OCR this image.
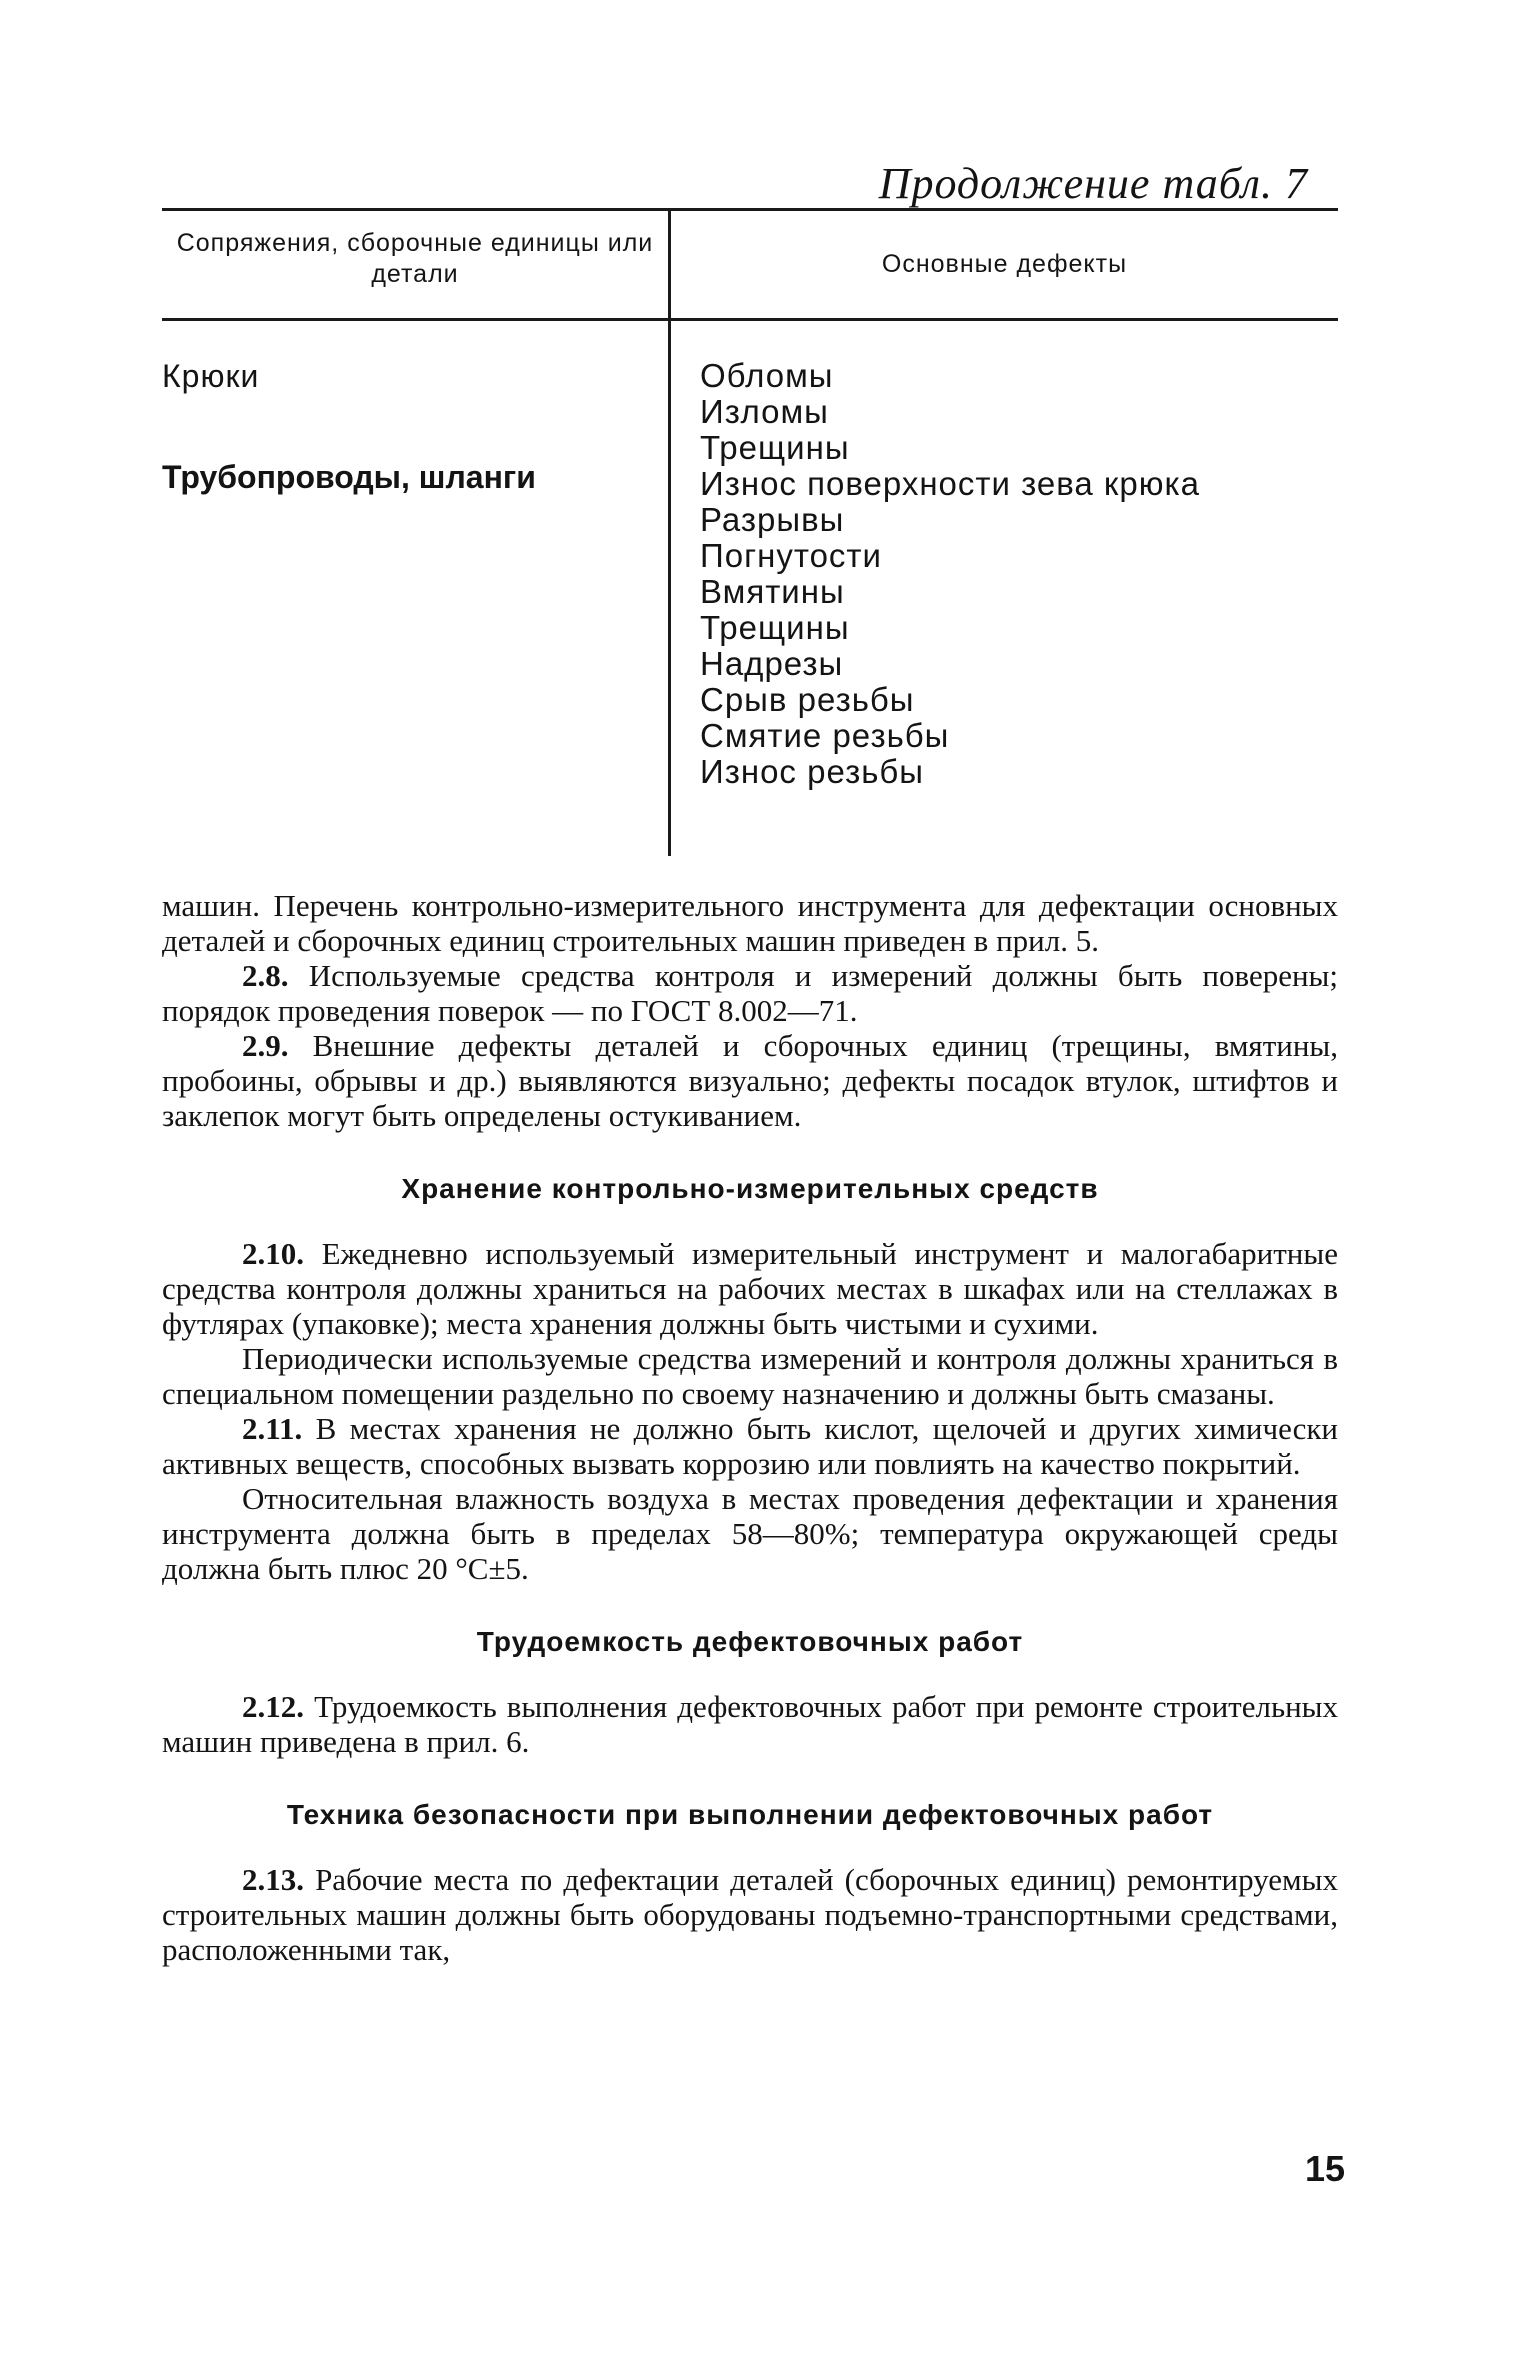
Продолжение табл. 7
Сопряжения, сборочные единицы или детали	Основные дефекты

Крюки

Трубопроводы, шланги

Обломы
Изломы
Трещины
Износ поверхности зева крюка
Разрывы
Погнутости
Вмятины
Трещины
Надрезы
Срыв резьбы
Смятие резьбы
Износ резьбы

машин. Перечень контрольно-измерительного инструмента для дефектации основных деталей и сборочных единиц строительных машин приведен в прил. 5.

2.8. Используемые средства контроля и измерений должны быть поверены; порядок проведения поверок — по ГОСТ 8.002—71.

2.9. Внешние дефекты деталей и сборочных единиц (трещины, вмятины, пробоины, обрывы и др.) выявляются визуально; дефекты посадок втулок, штифтов и заклепок могут быть определены остукиванием.

Хранение контрольно-измерительных средств

2.10. Ежедневно используемый измерительный инструмент и малогабаритные средства контроля должны храниться на рабочих местах в шкафах или на стеллажах в футлярах (упаковке); места хранения должны быть чистыми и сухими.

Периодически используемые средства измерений и контроля должны храниться в специальном помещении раздельно по своему назначению и должны быть смазаны.

2.11. В местах хранения не должно быть кислот, щелочей и других химически активных веществ, способных вызвать коррозию или повлиять на качество покрытий.

Относительная влажность воздуха в местах проведения дефектации и хранения инструмента должна быть в пределах 58—80%; температура окружающей среды должна быть плюс 20 °С±5.

Трудоемкость дефектовочных работ

2.12. Трудоемкость выполнения дефектовочных работ при ремонте строительных машин приведена в прил. 6.

Техника безопасности при выполнении дефектовочных работ

2.13. Рабочие места по дефектации деталей (сборочных единиц) ремонтируемых строительных машин должны быть оборудованы подъемно-транспортными средствами, расположенными так,

15
